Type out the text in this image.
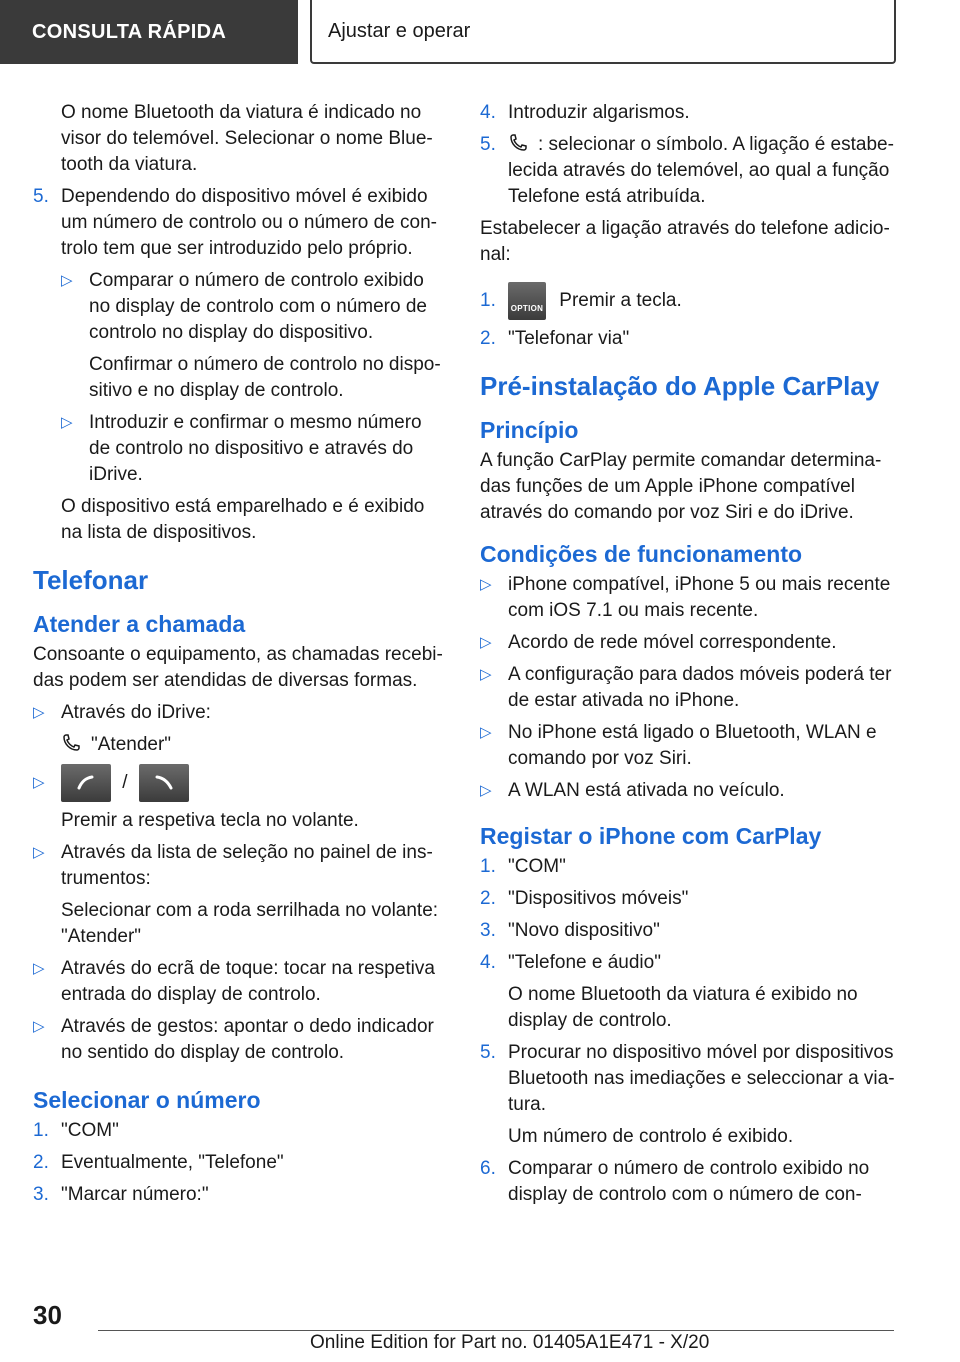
CONSULTA RÁPIDA	Ajustar e operar

O nome Bluetooth da viatura é indicado no visor do telemóvel. Selecionar o nome Blue-tooth da viatura.

5. Dependendo do dispositivo móvel é exibido um número de controlo ou o número de con-trolo tem que ser introduzido pelo próprio.
▷ Comparar o número de controlo exibido no display de controlo com o número de controlo no display do dispositivo.

Confirmar o número de controlo no dispo-sitivo e no display de controlo.

▷ Introduzir e confirmar o mesmo número de controlo no dispositivo e através do iDrive.

O dispositivo está emparelhado e é exibido na lista de dispositivos.

Telefonar
Atender a chamada

Consoante o equipamento, as chamadas recebi-das podem ser atendidas de diversas formas.

▷ Através do iDrive:

"Atender"

▷	/

Premir a respetiva tecla no volante.

▷ Através da lista de seleção no painel de ins-trumentos:

Selecionar com a roda serrilhada no volante: "Atender"

▷ Através do ecrã de toque: tocar na respetiva entrada do display de controlo.
▷ Através de gestos: apontar o dedo indicador no sentido do display de controlo.
Selecionar o número
1. "COM"
2. Eventualmente, "Telefone"
3. "Marcar número:"
4. Introduzir algarismos.
5.	: selecionar o símbolo. A ligação é estabe-lecida através do telemóvel, ao qual a função Telefone está atribuída.

Estabelecer a ligação através do telefone adicio-nal:

1.	OPTION Premir a tecla.
2. "Telefonar via"
Pré-instalação do Apple CarPlay
Princípio

A função CarPlay permite comandar determina-das funções de um Apple iPhone compatível através do comando por voz Siri e do iDrive.

Condições de funcionamento
▷ iPhone compatível, iPhone 5 ou mais recente com iOS 7.1 ou mais recente.
▷ Acordo de rede móvel correspondente.
▷ A configuração para dados móveis poderá ter de estar ativada no iPhone.
▷ No iPhone está ligado o Bluetooth, WLAN e comando por voz Siri.
▷ A WLAN está ativada no veículo.
Registar o iPhone com CarPlay
1. "COM"
2. "Dispositivos móveis"
3. "Novo dispositivo"
4. "Telefone e áudio"

O nome Bluetooth da viatura é exibido no display de controlo.

5. Procurar no dispositivo móvel por dispositivos Bluetooth nas imediações e seleccionar a via-tura.

Um número de controlo é exibido.

6. Comparar o número de controlo exibido no display de controlo com o número de con-
30
Online Edition for Part no. 01405A1E471 - X/20
